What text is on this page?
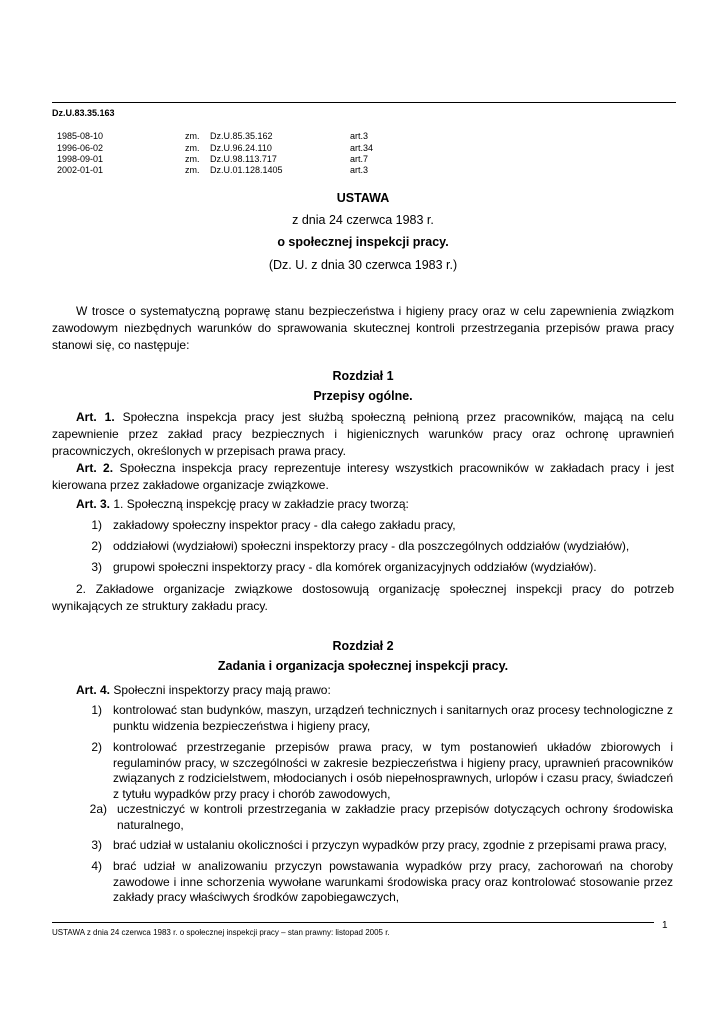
Dz.U.83.35.163
1985-08-10	zm. Dz.U.85.35.162	art.3
1996-06-02	zm. Dz.U.96.24.110	art.34
1998-09-01	zm. Dz.U.98.113.717	art.7
2002-01-01	zm. Dz.U.01.128.1405	art.3
USTAWA
z dnia 24 czerwca 1983 r.
o społecznej inspekcji pracy.
(Dz. U. z dnia 30 czerwca 1983 r.)
W trosce o systematyczną poprawę stanu bezpieczeństwa i higieny pracy oraz w celu zapewnienia związkom zawodowym niezbędnych warunków do sprawowania skutecznej kontroli przestrzegania przepisów prawa pracy stanowi się, co następuje:
Rozdział 1
Przepisy ogólne.
Art. 1. Społeczna inspekcja pracy jest służbą społeczną pełnioną przez pracowników, mającą na celu zapewnienie przez zakład pracy bezpiecznych i higienicznych warunków pracy oraz ochronę uprawnień pracowniczych, określonych w przepisach prawa pracy.
Art. 2. Społeczna inspekcja pracy reprezentuje interesy wszystkich pracowników w zakładach pracy i jest kierowana przez zakładowe organizacje związkowe.
Art. 3. 1. Społeczną inspekcję pracy w zakładzie pracy tworzą:
1) zakładowy społeczny inspektor pracy - dla całego zakładu pracy,
2) oddziałowi (wydziałowi) społeczni inspektorzy pracy - dla poszczególnych oddziałów (wydziałów),
3) grupowi społeczni inspektorzy pracy - dla komórek organizacyjnych oddziałów (wydziałów).
2. Zakładowe organizacje związkowe dostosowują organizację społecznej inspekcji pracy do potrzeb wynikających ze struktury zakładu pracy.
Rozdział 2
Zadania i organizacja społecznej inspekcji pracy.
Art. 4. Społeczni inspektorzy pracy mają prawo:
1) kontrolować stan budynków, maszyn, urządzeń technicznych i sanitarnych oraz procesy technologiczne z punktu widzenia bezpieczeństwa i higieny pracy,
2) kontrolować przestrzeganie przepisów prawa pracy, w tym postanowień układów zbiorowych i regulaminów pracy, w szczególności w zakresie bezpieczeństwa i higieny pracy, uprawnień pracowników związanych z rodzicielstwem, młodocianych i osób niepełnosprawnych, urlopów i czasu pracy, świadczeń z tytułu wypadków przy pracy i chorób zawodowych,
2a) uczestniczyć w kontroli przestrzegania w zakładzie pracy przepisów dotyczących ochrony środowiska naturalnego,
3) brać udział w ustalaniu okoliczności i przyczyn wypadków przy pracy, zgodnie z przepisami prawa pracy,
4) brać udział w analizowaniu przyczyn powstawania wypadków przy pracy, zachorowań na choroby zawodowe i inne schorzenia wywołane warunkami środowiska pracy oraz kontrolować stosowanie przez zakłady pracy właściwych środków zapobiegawczych,
USTAWA z dnia 24 czerwca 1983 r. o społecznej inspekcji pracy – stan prawny: listopad 2005 r.
1
